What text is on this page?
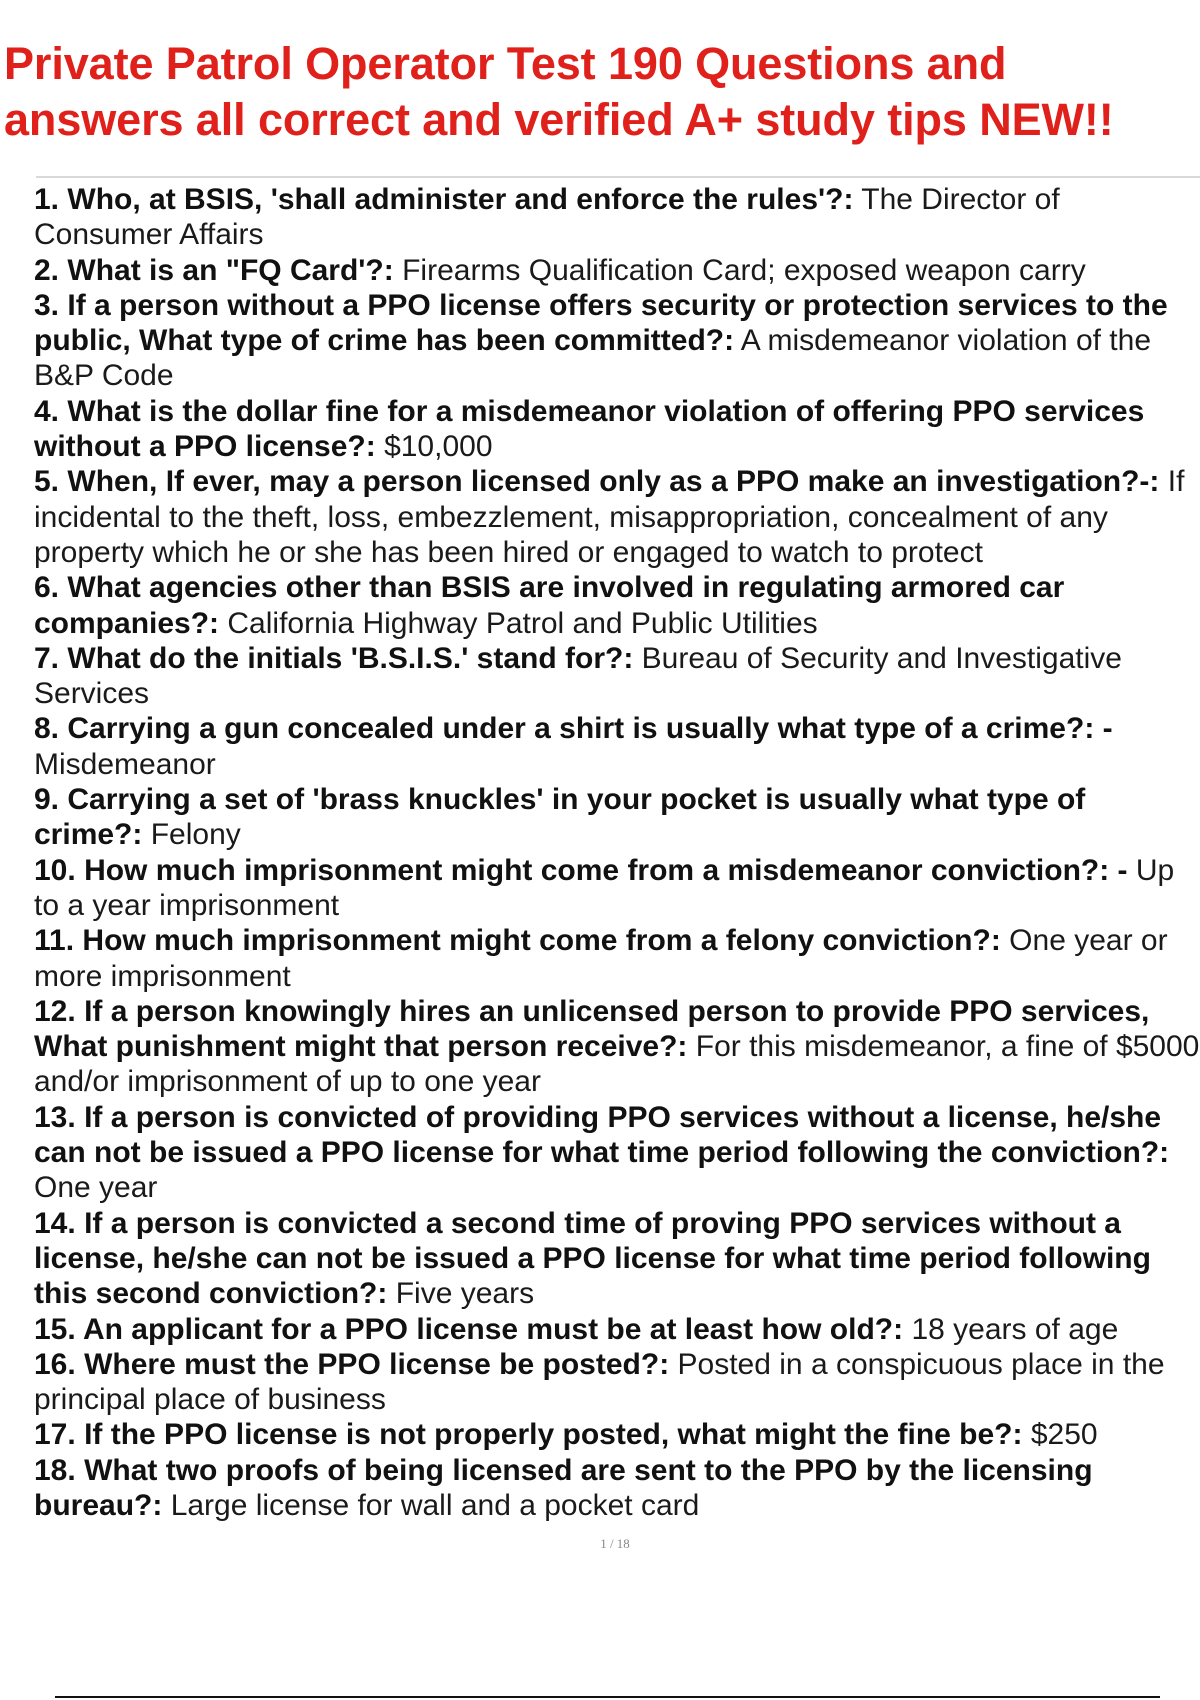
Private Patrol Operator Test 190 Questions and
answers all correct and verified A+ study tips NEW!!

1. Who, at BSIS, 'shall administer and enforce the rules'?: The Director of Consumer Affairs

2. What is an "FQ Card'?: Firearms Qualification Card; exposed weapon carry

3. If a person without a PPO license offers security or protection services to the public, What type of crime has been committed?: A misdemeanor violation of the B&P Code

4. What is the dollar fine for a misdemeanor violation of offering PPO services without a PPO license?: $10,000

5. When, If ever, may a person licensed only as a PPO make an investigation?-: If incidental to the theft, loss, embezzlement, misappropriation, concealment of any property which he or she has been hired or engaged to watch to protect

6. What agencies other than BSIS are involved in regulating armored car companies?: California Highway Patrol and Public Utilities

7. What do the initials 'B.S.I.S.' stand for?: Bureau of Security and Investigative Services

8. Carrying a gun concealed under a shirt is usually what type of a crime?: - Misdemeanor

9. Carrying a set of 'brass knuckles' in your pocket is usually what type of crime?: Felony

10. How much imprisonment might come from a misdemeanor conviction?: - Up to a year imprisonment

11. How much imprisonment might come from a felony conviction?: One year or more imprisonment

12. If a person knowingly hires an unlicensed person to provide PPO services, What punishment might that person receive?: For this misdemeanor, a fine of $5000 and/or imprisonment of up to one year

13. If a person is convicted of providing PPO services without a license, he/she can not be issued a PPO license for what time period following the conviction?: One year

14. If a person is convicted a second time of proving PPO services without a license, he/she can not be issued a PPO license for what time period following this second conviction?: Five years

15. An applicant for a PPO license must be at least how old?: 18 years of age

16. Where must the PPO license be posted?: Posted in a conspicuous place in the principal place of business

17. If the PPO license is not properly posted, what might the fine be?: $250

18. What two proofs of being licensed are sent to the PPO by the licensing bureau?: Large license for wall and a pocket card

1 / 18
